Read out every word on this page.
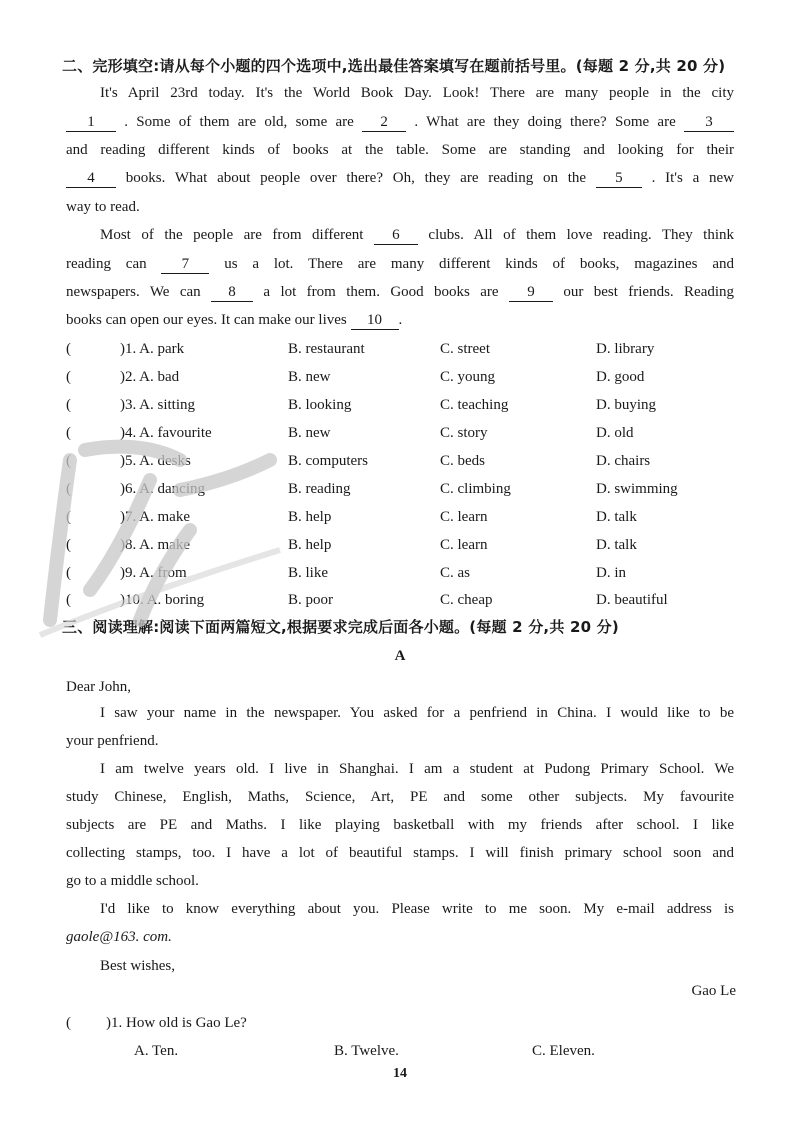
二、完形填空:请从每个小题的四个选项中,选出最佳答案填写在题前括号里。(每题 2 分,共 20 分)
It's April 23rd today. It's the World Book Day. Look! There are many people in the city
1 . Some of them are old, some are 2 . What are they doing there? Some are 3
and reading different kinds of books at the table. Some are standing and looking for their
4 books. What about people over there? Oh, they are reading on the 5 . It's a new
way to read.
Most of the people are from different 6 clubs. All of them love reading. They think
reading can 7 us a lot. There are many different kinds of books, magazines and
newspapers. We can 8 a lot from them. Good books are 9 our best friends. Reading
books can open our eyes. It can make our lives 10 .
(	)1. A. park	B. restaurant	C. street	D. library
(	)2. A. bad	B. new	C. young	D. good
(	)3. A. sitting	B. looking	C. teaching	D. buying
(	)4. A. favourite	B. new	C. story	D. old
(	)5. A. desks	B. computers	C. beds	D. chairs
(	)6. A. dancing	B. reading	C. climbing	D. swimming
(	)7. A. make	B. help	C. learn	D. talk
(	)8. A. make	B. help	C. learn	D. talk
(	)9. A. from	B. like	C. as	D. in
(	)10. A. boring	B. poor	C. cheap	D. beautiful
三、阅读理解:阅读下面两篇短文,根据要求完成后面各小题。(每题 2 分,共 20 分)
A
Dear John,
I saw your name in the newspaper. You asked for a penfriend in China. I would like to be
your penfriend.
I am twelve years old. I live in Shanghai. I am a student at Pudong Primary School. We
study Chinese, English, Maths, Science, Art, PE and some other subjects. My favourite
subjects are PE and Maths. I like playing basketball with my friends after school. I like
collecting stamps, too. I have a lot of beautiful stamps. I will finish primary school soon and
go to a middle school.
I'd like to know everything about you. Please write to me soon. My e-mail address is
gaole@163. com.
Best wishes,
Gao Le
( )1. How old is Gao Le?
A. Ten.	B. Twelve.	C. Eleven.
14
